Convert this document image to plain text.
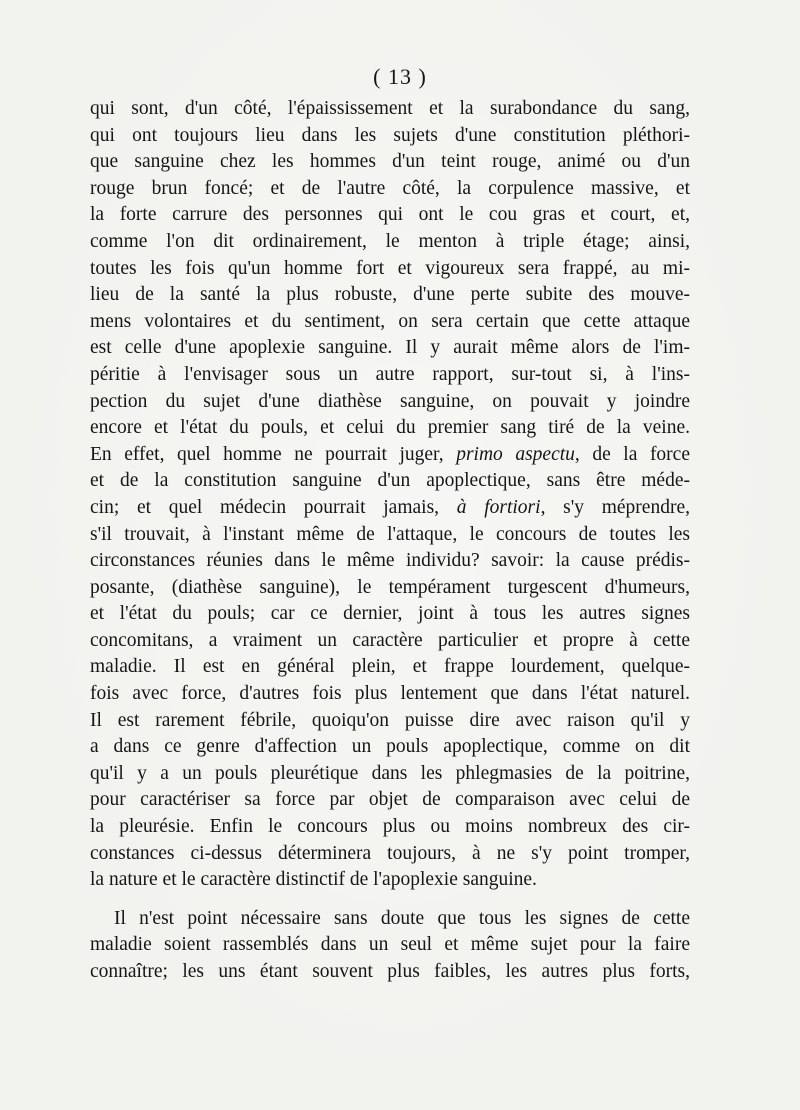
( 13 )
qui sont, d'un côté, l'épaississement et la surabondance du sang,
qui ont toujours lieu dans les sujets d'une constitution pléthori-
que sanguine chez les hommes d'un teint rouge, animé ou d'un
rouge brun foncé; et de l'autre côté, la corpulence massive, et
la forte carrure des personnes qui ont le cou gras et court, et,
comme l'on dit ordinairement, le menton à triple étage; ainsi,
toutes les fois qu'un homme fort et vigoureux sera frappé, au mi-
lieu de la santé la plus robuste, d'une perte subite des mouve-
mens volontaires et du sentiment, on sera certain que cette attaque
est celle d'une apoplexie sanguine. Il y aurait même alors de l'im-
péritie à l'envisager sous un autre rapport, sur-tout si, à l'ins-
pection du sujet d'une diathèse sanguine, on pouvait y joindre
encore et l'état du pouls, et celui du premier sang tiré de la veine.
En effet, quel homme ne pourrait juger, primo aspectu, de la force
et de la constitution sanguine d'un apoplectique, sans être méde-
cin; et quel médecin pourrait jamais, à fortiori, s'y méprendre,
s'il trouvait, à l'instant même de l'attaque, le concours de toutes les
circonstances réunies dans le même individu? savoir: la cause prédis-
posante, (diathèse sanguine), le tempérament turgescent d'humeurs,
et l'état du pouls; car ce dernier, joint à tous les autres signes
concomitans, a vraiment un caractère particulier et propre à cette
maladie. Il est en général plein, et frappe lourdement, quelque-
fois avec force, d'autres fois plus lentement que dans l'état naturel.
Il est rarement fébrile, quoiqu'on puisse dire avec raison qu'il y
a dans ce genre d'affection un pouls apoplectique, comme on dit
qu'il y a un pouls pleurétique dans les phlegmasies de la poitrine,
pour caractériser sa force par objet de comparaison avec celui de
la pleurésie. Enfin le concours plus ou moins nombreux des cir-
constances ci-dessus déterminera toujours, à ne s'y point tromper,
la nature et le caractère distinctif de l'apoplexie sanguine.
Il n'est point nécessaire sans doute que tous les signes de cette
maladie soient rassemblés dans un seul et même sujet pour la faire
connaître; les uns étant souvent plus faibles, les autres plus forts,
